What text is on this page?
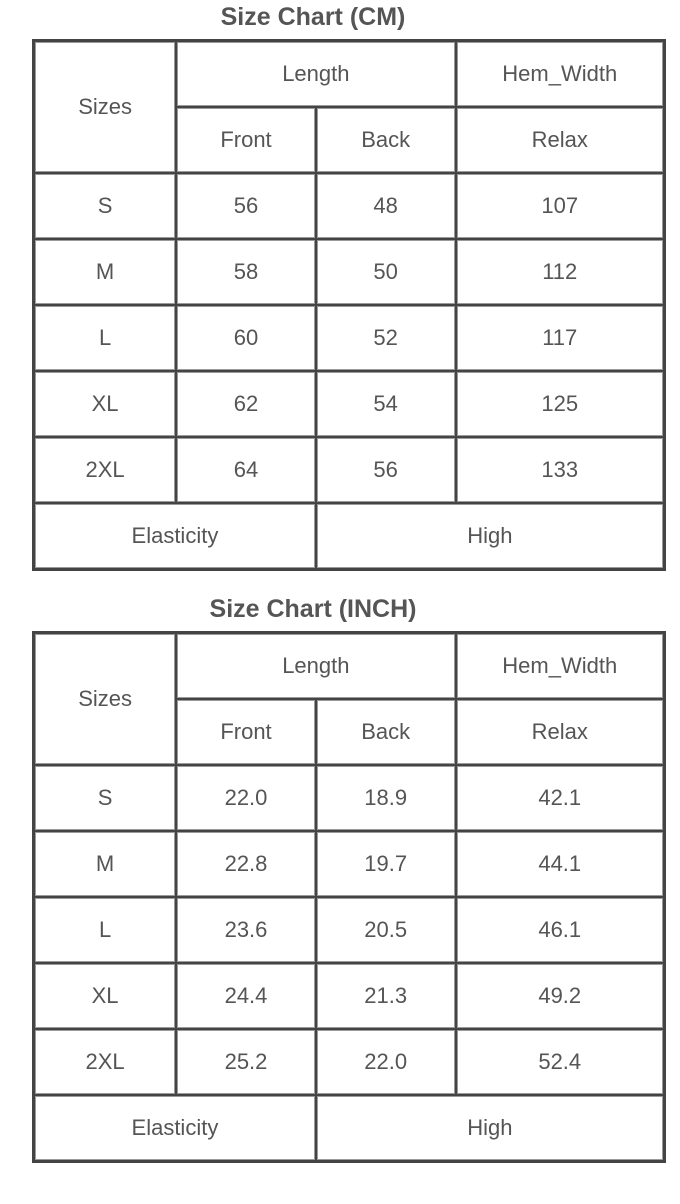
Size Chart (CM)
Sizes	Length		Hem_Width
	Front	Back	Relax
S	56	48	107
M	58	50	112
L	60	52	117
XL	62	54	125
2XL	64	56	133
Elasticity		High	
Size Chart (INCH)
Sizes	Length		Hem_Width
	Front	Back	Relax
S	22.0	18.9	42.1
M	22.8	19.7	44.1
L	23.6	20.5	46.1
XL	24.4	21.3	49.2
2XL	25.2	22.0	52.4
Elasticity		High	
